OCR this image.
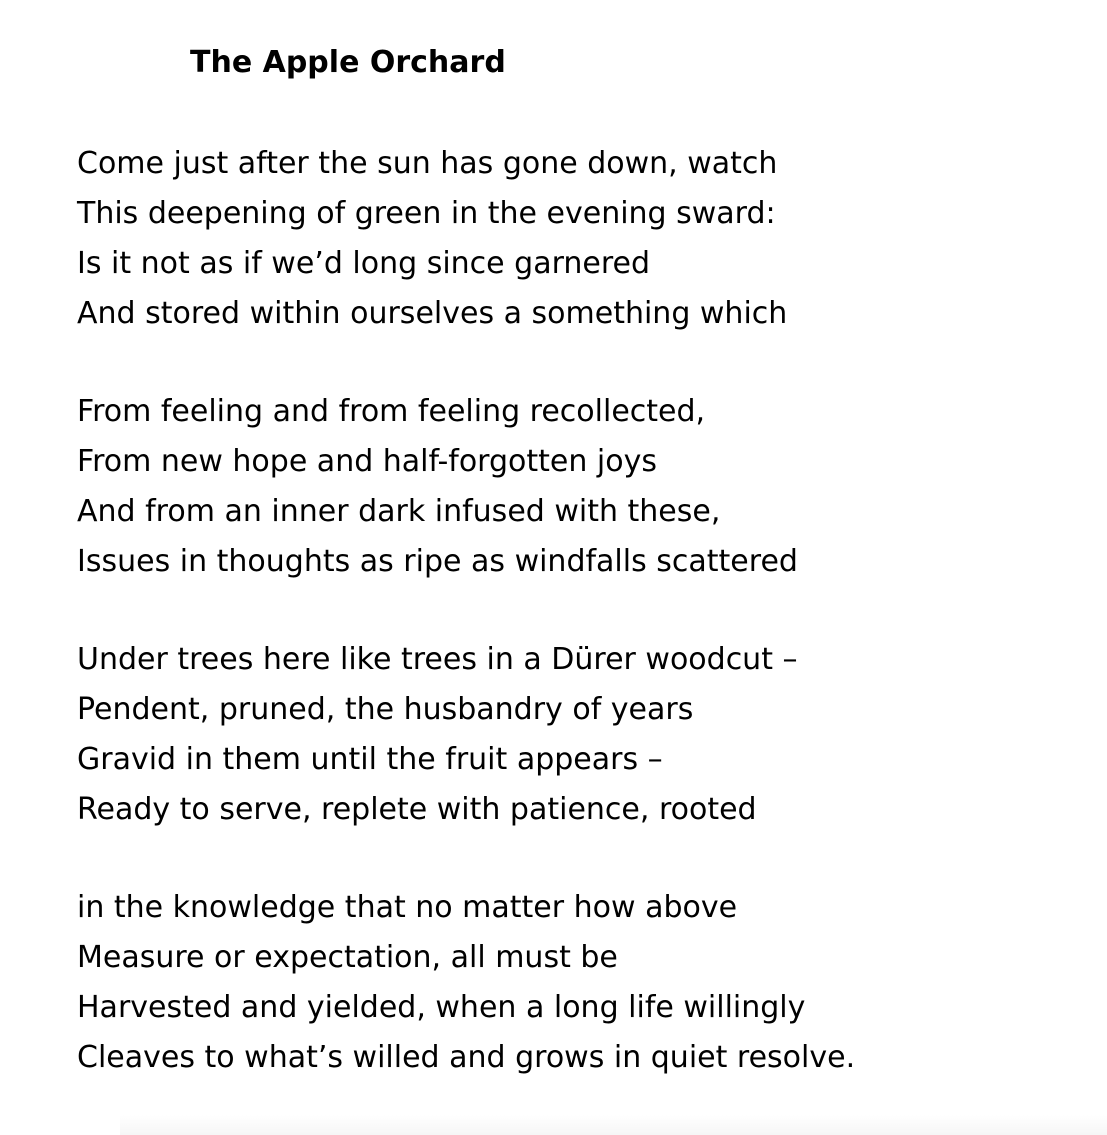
The Apple Orchard
Come just after the sun has gone down, watch
This deepening of green in the evening sward:
Is it not as if we’d long since garnered
And stored within ourselves a something which
From feeling and from feeling recollected,
From new hope and half-forgotten joys
And from an inner dark infused with these,
Issues in thoughts as ripe as windfalls scattered
Under trees here like trees in a Dürer woodcut –
Pendent, pruned, the husbandry of years
Gravid in them until the fruit appears –
Ready to serve, replete with patience, rooted
in the knowledge that no matter how above
Measure or expectation, all must be
Harvested and yielded, when a long life willingly
Cleaves to what’s willed and grows in quiet resolve.
